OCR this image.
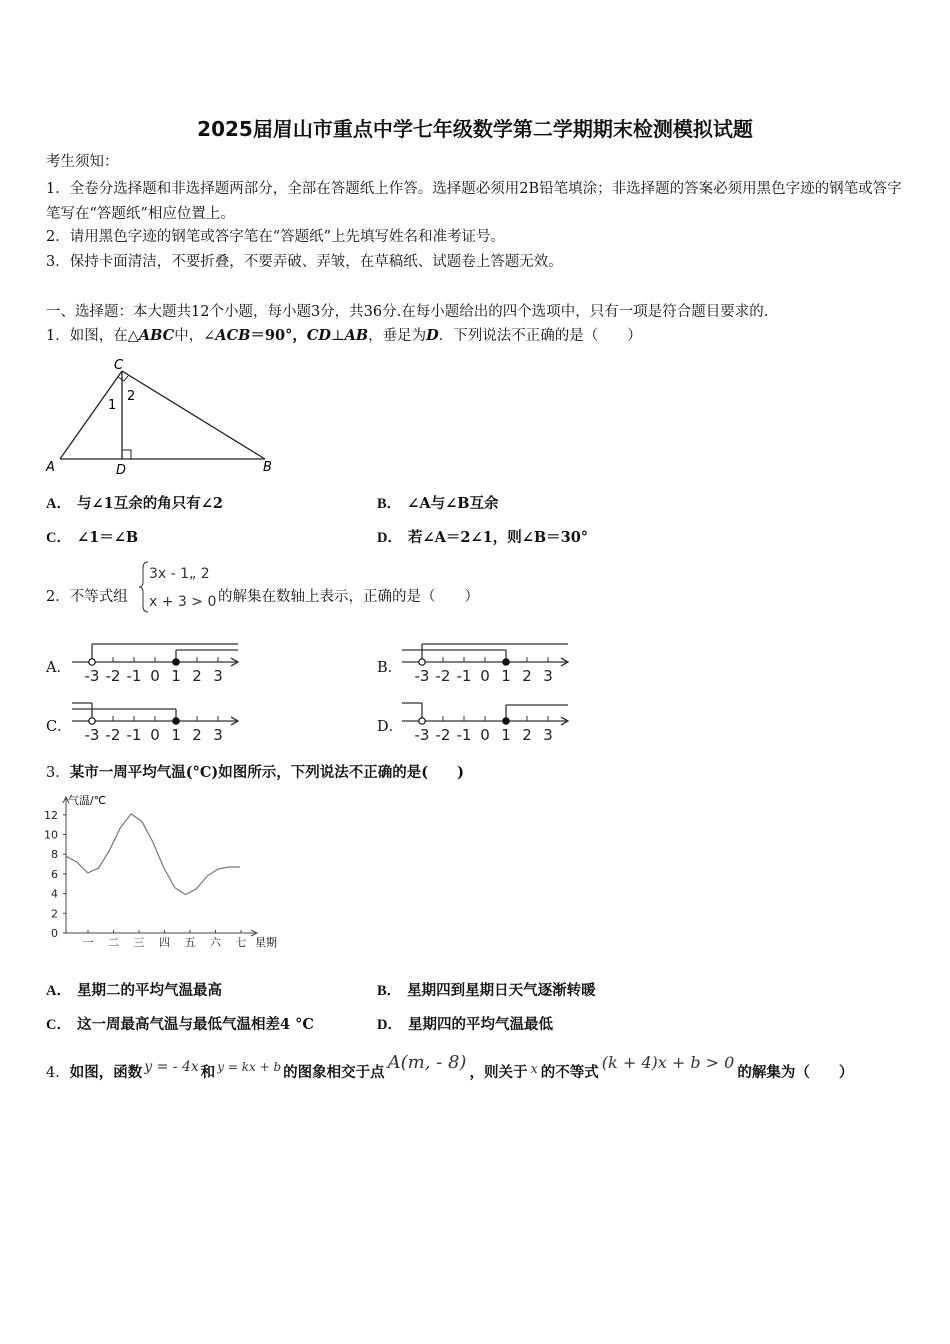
2025届眉山市重点中学七年级数学第二学期期末检测模拟试题
考生须知：
1．全卷分选择题和非选择题两部分，全部在答题纸上作答。选择题必须用2B铅笔填涂；非选择题的答案必须用黑色字迹的钢笔或答字笔写在“答题纸”相应位置上。
2．请用黑色字迹的钢笔或答字笔在“答题纸”上先填写姓名和准考证号。
3．保持卡面清洁，不要折叠，不要弄破、弄皱，在草稿纸、试题卷上答题无效。
一、选择题：本大题共12个小题，每小题3分，共36分.在每小题给出的四个选项中，只有一项是符合题目要求的.
1．如图，在△ABC中，∠ACB＝90°，CD⊥AB，垂足为D．下列说法不正确的是（　　）
C
A	D	B
1
2
A． 与∠1互余的角只有∠2	B． ∠A与∠B互余
C． ∠1＝∠B	D． 若∠A＝2∠1，则∠B＝30°
2．不等式组
3x - 1„ 2
x + 3 > 0 的解集在数轴上表示，正确的是（　　）
A．	B．
C．	D．
-3 -2 -1 0 1 2 3	-3 -2 -1 0 1 2 3
-3 -2 -1 0 1 2 3	-3 -2 -1 0 1 2 3
3．某市一周平均气温(°C)如图所示，下列说法不正确的是(　　)
气温/℃
星期
0
2
4
6
8
10
12
一 二 三 四 五 六 七
A． 星期二的平均气温最高	B． 星期四到星期日天气逐渐转暖
C． 这一周最高气温与最低气温相差4 °C	D． 星期四的平均气温最低
4．如图，函数 y = - 4x 和 $^{y = kx + b}$ 的图象相交于点 A(m, - 8) ，则关于 x 的不等式(k + 4)x + b > 0的解集为（　　）
